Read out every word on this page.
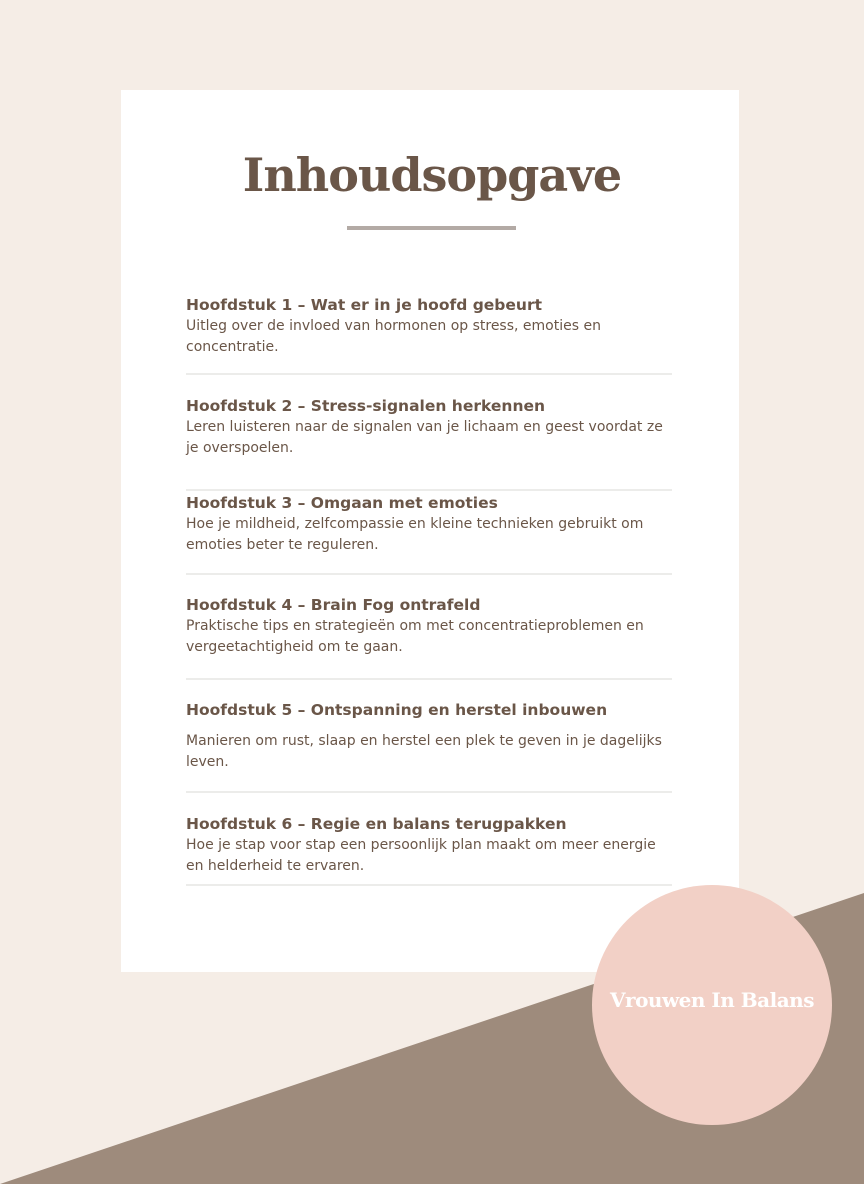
Inhoudsopgave
Hoofdstuk 1 – Wat er in je hoofd gebeurt
Uitleg over de invloed van hormonen op stress, emoties en concentratie.
Hoofdstuk 2 – Stress-signalen herkennen
Leren luisteren naar de signalen van je lichaam en geest voordat ze je overspoelen.
Hoofdstuk 3 – Omgaan met emoties
Hoe je mildheid, zelfcompassie en kleine technieken gebruikt om emoties beter te reguleren.
Hoofdstuk 4 – Brain Fog ontrafeld
Praktische tips en strategieën om met concentratieproblemen en vergeetachtigheid om te gaan.
Hoofdstuk 5 – Ontspanning en herstel inbouwen
Manieren om rust, slaap en herstel een plek te geven in je dagelijks leven.
Hoofdstuk 6 – Regie en balans terugpakken
Hoe je stap voor stap een persoonlijk plan maakt om meer energie en helderheid te ervaren.
Vrouwen In Balans
